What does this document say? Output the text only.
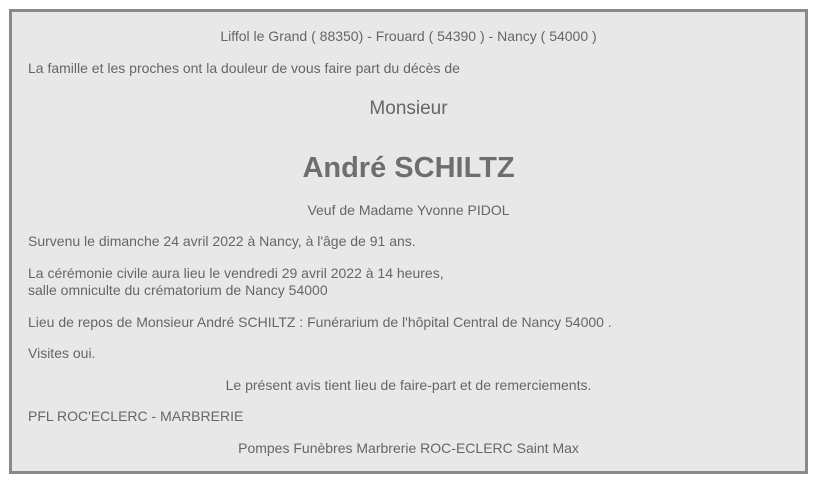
Liffol le Grand ( 88350) - Frouard ( 54390 ) - Nancy ( 54000 )
La famille et les proches ont la douleur de vous faire part du décès de
Monsieur
André SCHILTZ
Veuf de Madame Yvonne PIDOL
Survenu le dimanche 24 avril 2022 à Nancy, à l'âge de 91 ans.
La cérémonie civile aura lieu le vendredi 29 avril 2022 à 14 heures,
salle omniculte du crématorium de Nancy 54000
Lieu de repos de Monsieur André SCHILTZ : Funérarium de l'hôpital Central de Nancy 54000 .
Visites oui.
Le présent avis tient lieu de faire-part et de remerciements.
PFL ROC'ECLERC - MARBRERIE
Pompes Funèbres Marbrerie ROC-ECLERC Saint Max
